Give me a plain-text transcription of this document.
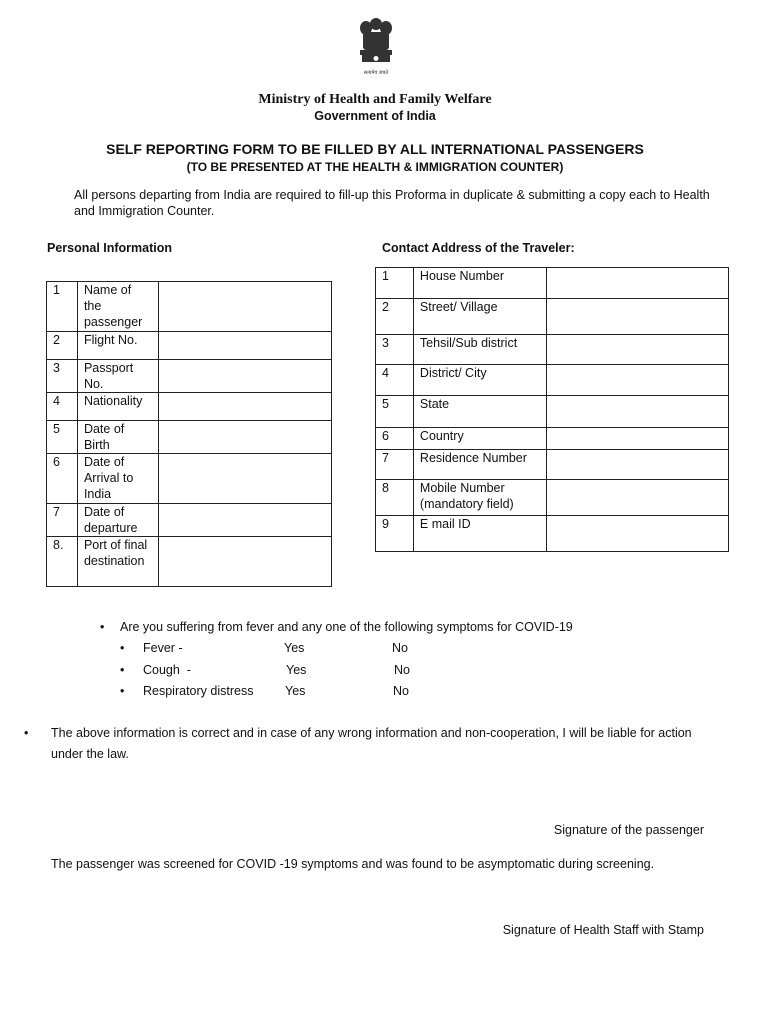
सत्यमेव जयते
Ministry of Health and Family Welfare
Government of India
SELF REPORTING FORM TO BE FILLED BY ALL INTERNATIONAL PASSENGERS
(TO BE PRESENTED AT THE HEALTH & IMMIGRATION COUNTER)
All persons departing from India are required to fill-up this Proforma in duplicate & submitting a copy each to Health and Immigration Counter.
Personal Information	Contact Address of the Traveler:
1	Name of the passenger	
2	Flight No.	
3	Passport No.	
4	Nationality	
5	Date of Birth	
6	Date of Arrival to India	
7	Date of departure	
8.	Port of final destination	
1	House Number	
2	Street/ Village	
3	Tehsil/Sub district	
4	District/ City	
5	State	
6	Country	
7	Residence Number	
8	Mobile Number (mandatory field)	
9	E mail ID	
• Are you suffering from fever and any one of the following symptoms for COVID-19
• Fever -	Yes	No
• Cough  -	Yes	No
• Respiratory distress	Yes	No
• The above information is correct and in case of any wrong information and non-cooperation, I will be liable for action under the law.
Signature of the passenger
The passenger was screened for COVID -19 symptoms and was found to be asymptomatic during screening.
Signature of Health Staff with Stamp
